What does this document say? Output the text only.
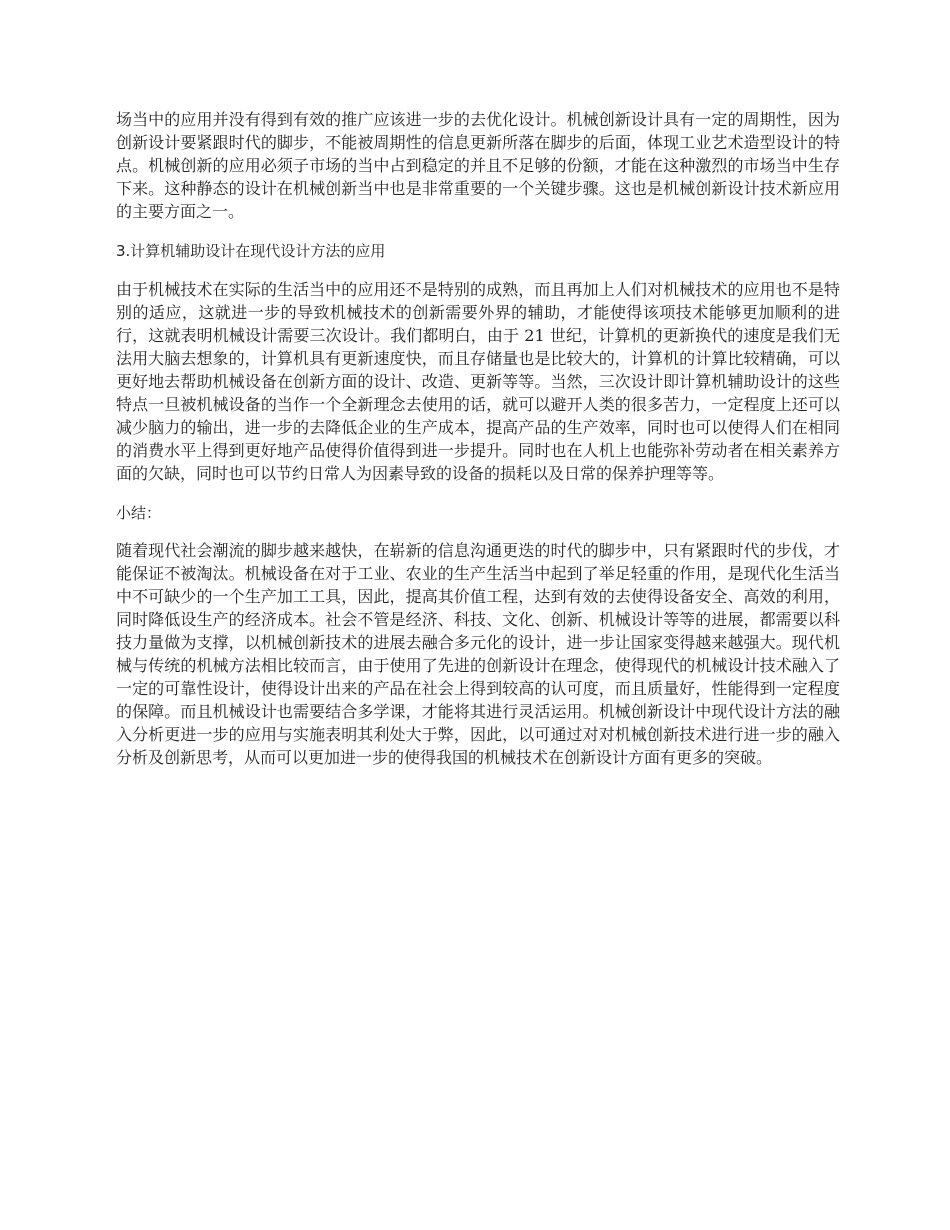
场当中的应用并没有得到有效的推广应该进一步的去优化设计。机械创新设计具有一定的周期性，因为创新设计要紧跟时代的脚步，不能被周期性的信息更新所落在脚步的后面，体现工业艺术造型设计的特点。机械创新的应用必须子市场的当中占到稳定的并且不足够的份额，才能在这种激烈的市场当中生存下来。这种静态的设计在机械创新当中也是非常重要的一个关键步骤。这也是机械创新设计技术新应用的主要方面之一。

3.计算机辅助设计在现代设计方法的应用

由于机械技术在实际的生活当中的应用还不是特别的成熟，而且再加上人们对机械技术的应用也不是特别的适应，这就进一步的导致机械技术的创新需要外界的辅助，才能使得该项技术能够更加顺利的进行，这就表明机械设计需要三次设计。我们都明白，由于 21 世纪，计算机的更新换代的速度是我们无法用大脑去想象的，计算机具有更新速度快，而且存储量也是比较大的，计算机的计算比较精确，可以更好地去帮助机械设备在创新方面的设计、改造、更新等等。当然，三次设计即计算机辅助设计的这些特点一旦被机械设备的当作一个全新理念去使用的话，就可以避开人类的很多苦力，一定程度上还可以减少脑力的输出，进一步的去降低企业的生产成本，提高产品的生产效率，同时也可以使得人们在相同的消费水平上得到更好地产品使得价值得到进一步提升。同时也在人机上也能弥补劳动者在相关素养方面的欠缺，同时也可以节约日常人为因素导致的设备的损耗以及日常的保养护理等等。

小结：

随着现代社会潮流的脚步越来越快，在崭新的信息沟通更迭的时代的脚步中，只有紧跟时代的步伐，才能保证不被淘汰。机械设备在对于工业、农业的生产生活当中起到了举足轻重的作用，是现代化生活当中不可缺少的一个生产加工工具，因此，提高其价值工程，达到有效的去使得设备安全、高效的利用，同时降低设生产的经济成本。社会不管是经济、科技、文化、创新、机械设计等等的进展，都需要以科技力量做为支撑，以机械创新技术的进展去融合多元化的设计，进一步让国家变得越来越强大。现代机械与传统的机械方法相比较而言，由于使用了先进的创新设计在理念，使得现代的机械设计技术融入了一定的可靠性设计，使得设计出来的产品在社会上得到较高的认可度，而且质量好，性能得到一定程度的保障。而且机械设计也需要结合多学课，才能将其进行灵活运用。机械创新设计中现代设计方法的融入分析更进一步的应用与实施表明其利处大于弊，因此，以可通过对对机械创新技术进行进一步的融入分析及创新思考，从而可以更加进一步的使得我国的机械技术在创新设计方面有更多的突破。
